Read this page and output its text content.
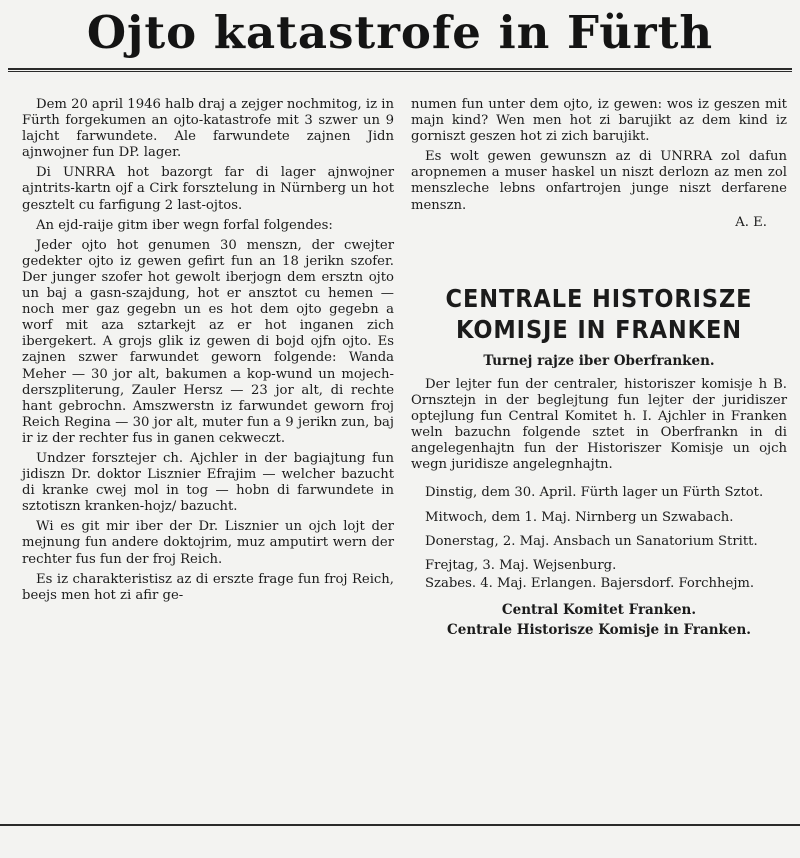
Ojto katastrofe in Fürth

Dem 20 april 1946 halb draj a zejger nochmitog, iz in Fürth forgekumen an ojto-katastrofe mit 3 szwer un 9 lajcht farwundete. Ale farwundete zajnen Jidn ajnwojner fun DP. lager.

Di UNRRA hot bazorgt far di lager ajnwojner ajntrits-kartn ojf a Cirk forsztelung in Nürnberg un hot gesztelt cu farfigung 2 last-ojtos.

An ejd-raije gitm iber wegn forfal folgendes:

Jeder ojto hot genumen 30 menszn, der cwejter gedekter ojto iz gewen gefirt fun an 18 jerikn szofer. Der junger szofer hot gewolt iberjogn dem ersztn ojto un baj a gasn-szajdung, hot er ansztot cu hemen — noch mer gaz gegebn un es hot dem ojto gegebn a worf mit aza sztarkejt az er hot inganen zich ibergekert. A grojs glik iz gewen di bojd ojfn ojto. Es zajnen szwer farwundet geworn folgende: Wanda Meher — 30 jor alt, bakumen a kop-wund un mojech-derszpliterung, Zauler Hersz — 23 jor alt, di rechte hant gebrochn. Amszwerstn iz farwundet geworn froj Reich Regina — 30 jor alt, muter fun a 9 jerikn zun, baj ir iz der rechter fus in ganen cekweczt.

Undzer forsztejer ch. Ajchler in der bagiajtung fun jidiszn Dr. doktor Lisznier Efrajim — welcher bazucht di kranke cwej mol in tog — hobn di farwundete in sztotiszn kranken-hojz/ bazucht.

Wi es git mir iber der Dr. Lisznier un ojch lojt der mejnung fun andere doktojrim, muz amputirt wern der rechter fus fun der froj Reich.

Es iz charakteristisz az di erszte frage fun froj Reich, beejs men hot zi afir ge-

numen fun unter dem ojto, iz gewen: wos iz geszen mit majn kind? Wen men hot zi barujikt az dem kind iz gorniszt geszen hot zi zich barujikt.

Es wolt gewen gewunszn az di UNRRA zol dafun aropnemen a muser haskel un niszt derlozn az men zol menszleche lebns onfartrojen junge niszt derfarene menszn.

A. E.

CENTRALE HISTORISZE
KOMISJE IN FRANKEN
Turnej rajze iber Oberfranken.

Der lejter fun der centraler, historiszer komisje h B. Ornsztejn in der beglejtung fun lejter der juridiszer optejlung fun Central Komitet h. I. Ajchler in Franken weln bazuchn folgende sztet in Oberfrankn in di angelegenhajtn fun der Historiszer Komisje un ojch wegn juridisze angelegnhajtn.

Dinstig, dem 30. April. Fürth lager un Fürth Sztot.

Mitwoch, dem 1. Maj. Nirnberg un Szwabach.

Donerstag, 2. Maj. Ansbach un Sanatorium Stritt.

Frejtag, 3. Maj. Wejsenburg.

Szabes. 4. Maj. Erlangen. Bajersdorf. Forchhejm.

Central Komitet Franken.
Centrale Historisze Komisje in Franken.
